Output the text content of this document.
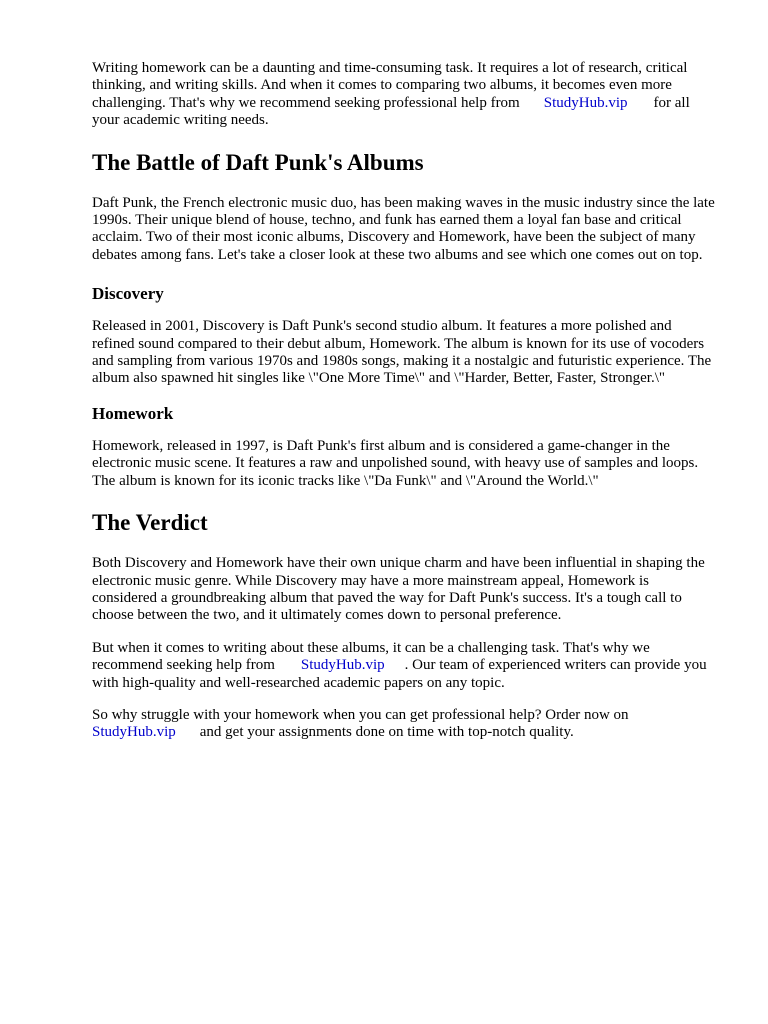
Writing homework can be a daunting and time-consuming task. It requires a lot of research, critical thinking, and writing skills. And when it comes to comparing two albums, it becomes even more challenging. That's why we recommend seeking professional help from StudyHub.vip for all your academic writing needs.

The Battle of Daft Punk's Albums

Daft Punk, the French electronic music duo, has been making waves in the music industry since the late 1990s. Their unique blend of house, techno, and funk has earned them a loyal fan base and critical acclaim. Two of their most iconic albums, Discovery and Homework, have been the subject of many debates among fans. Let's take a closer look at these two albums and see which one comes out on top.

Discovery

Released in 2001, Discovery is Daft Punk's second studio album. It features a more polished and refined sound compared to their debut album, Homework. The album is known for its use of vocoders and sampling from various 1970s and 1980s songs, making it a nostalgic and futuristic experience. The album also spawned hit singles like \"One More Time\" and \"Harder, Better, Faster, Stronger.\"

Homework

Homework, released in 1997, is Daft Punk's first album and is considered a game-changer in the electronic music scene. It features a raw and unpolished sound, with heavy use of samples and loops. The album is known for its iconic tracks like \"Da Funk\" and \"Around the World.\"

The Verdict

Both Discovery and Homework have their own unique charm and have been influential in shaping the electronic music genre. While Discovery may have a more mainstream appeal, Homework is considered a groundbreaking album that paved the way for Daft Punk's success. It's a tough call to choose between the two, and it ultimately comes down to personal preference.

But when it comes to writing about these albums, it can be a challenging task. That's why we recommend seeking help from StudyHub.vip . Our team of experienced writers can provide you with high-quality and well-researched academic papers on any topic.

So why struggle with your homework when you can get professional help? Order now on StudyHub.vip and get your assignments done on time with top-notch quality.
